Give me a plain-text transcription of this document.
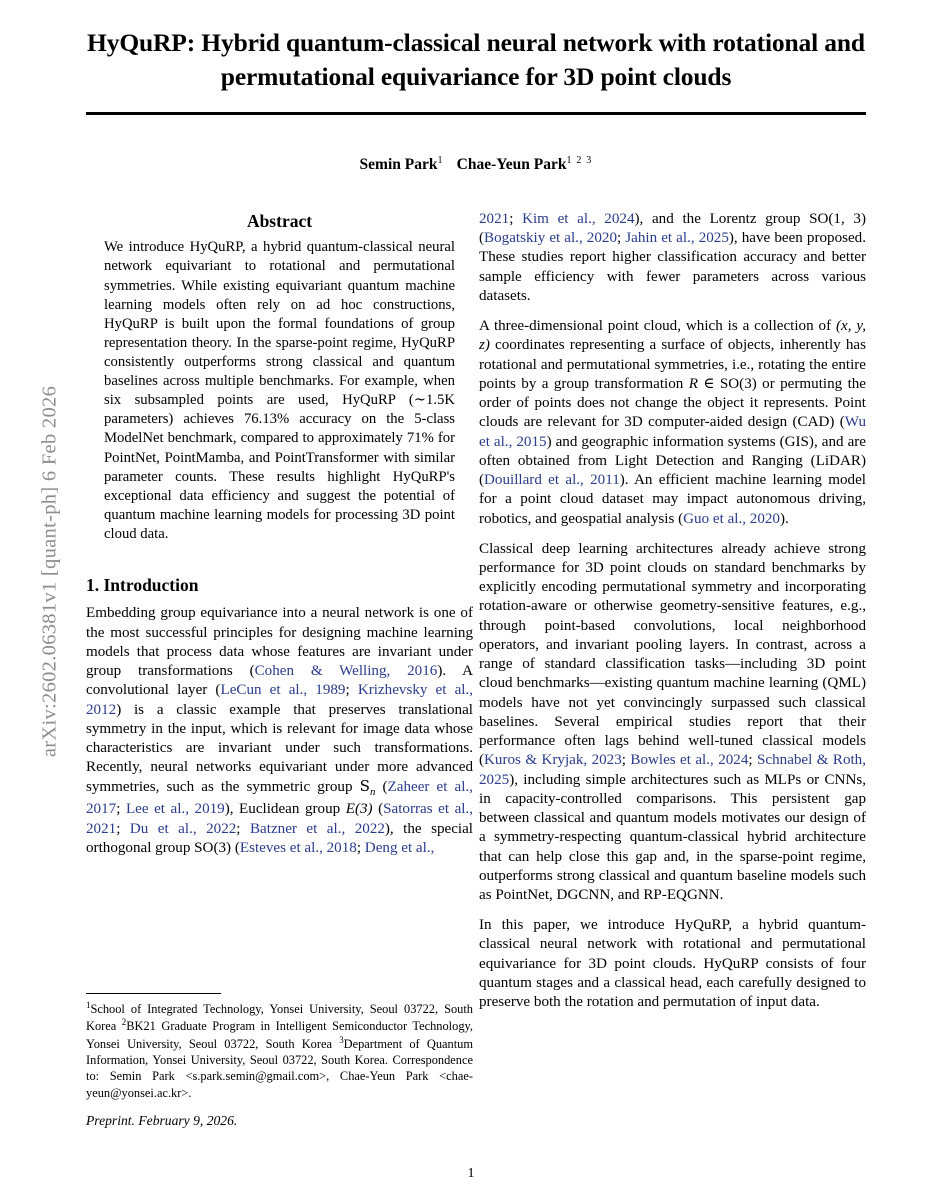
arXiv:2602.06381v1 [quant-ph] 6 Feb 2026
HyQuRP: Hybrid quantum-classical neural network with rotational and permutational equivariance for 3D point clouds
Semin Park$^1$ Chae-Yeun Park$^{1 2 3}$
Abstract

We introduce HyQuRP, a hybrid quantum-classical neural network equivariant to rotational and permutational symmetries. While existing equivariant quantum machine learning models often rely on ad hoc constructions, HyQuRP is built upon the formal foundations of group representation theory. In the sparse-point regime, HyQuRP consistently outperforms strong classical and quantum baselines across multiple benchmarks. For example, when six subsampled points are used, HyQuRP (∼1.5K parameters) achieves 76.13% accuracy on the 5-class ModelNet benchmark, compared to approximately 71% for PointNet, PointMamba, and PointTransformer with similar parameter counts. These results highlight HyQuRP's exceptional data efficiency and suggest the potential of quantum machine learning models for processing 3D point cloud data.

1. Introduction

Embedding group equivariance into a neural network is one of the most successful principles for designing machine learning models that process data whose features are invariant under group transformations (Cohen & Welling, 2016). A convolutional layer (LeCun et al., 1989; Krizhevsky et al., 2012) is a classic example that preserves translational symmetry in the input, which is relevant for image data whose characteristics are invariant under such transformations. Recently, neural networks equivariant under more advanced symmetries, such as the symmetric group $S_n$ (Zaheer et al., 2017; Lee et al., 2019), Euclidean group E(3) (Satorras et al., 2021; Du et al., 2022; Batzner et al., 2022), the special orthogonal group SO(3) (Esteves et al., 2018; Deng et al.,

2021; Kim et al., 2024), and the Lorentz group SO(1, 3) (Bogatskiy et al., 2020; Jahin et al., 2025), have been proposed. These studies report higher classification accuracy and better sample efficiency with fewer parameters across various datasets.

A three-dimensional point cloud, which is a collection of (x, y, z) coordinates representing a surface of objects, inherently has rotational and permutational symmetries, i.e., rotating the entire points by a group transformation R ∈ SO(3) or permuting the order of points does not change the object it represents. Point clouds are relevant for 3D computer-aided design (CAD) (Wu et al., 2015) and geographic information systems (GIS), and are often obtained from Light Detection and Ranging (LiDAR) (Douillard et al., 2011). An efficient machine learning model for a point cloud dataset may impact autonomous driving, robotics, and geospatial analysis (Guo et al., 2020).

Classical deep learning architectures already achieve strong performance for 3D point clouds on standard benchmarks by explicitly encoding permutational symmetry and incorporating rotation-aware or otherwise geometry-sensitive features, e.g., through point-based convolutions, local neighborhood operators, and invariant pooling layers. In contrast, across a range of standard classification tasks—including 3D point cloud benchmarks—existing quantum machine learning (QML) models have not yet convincingly surpassed such classical baselines. Several empirical studies report that their performance often lags behind well-tuned classical models (Kuros & Kryjak, 2023; Bowles et al., 2024; Schnabel & Roth, 2025), including simple architectures such as MLPs or CNNs, in capacity-controlled comparisons. This persistent gap between classical and quantum models motivates our design of a symmetry-respecting quantum-classical hybrid architecture that can help close this gap and, in the sparse-point regime, outperforms strong classical and quantum baseline models such as PointNet, DGCNN, and RP-EQGNN.

In this paper, we introduce HyQuRP, a hybrid quantum-classical neural network with rotational and permutational equivariance for 3D point clouds. HyQuRP consists of four quantum stages and a classical head, each carefully designed to preserve both the rotation and permutation of input data.

$^1$School of Integrated Technology, Yonsei University, Seoul 03722, South Korea $^2$BK21 Graduate Program in Intelligent Semiconductor Technology, Yonsei University, Seoul 03722, South Korea $^3$Department of Quantum Information, Yonsei University, Seoul 03722, South Korea. Correspondence to: Semin Park <s.park.semin@gmail.com>, Chae-Yeun Park <chae-yeun@yonsei.ac.kr>.

Preprint. February 9, 2026.
1
